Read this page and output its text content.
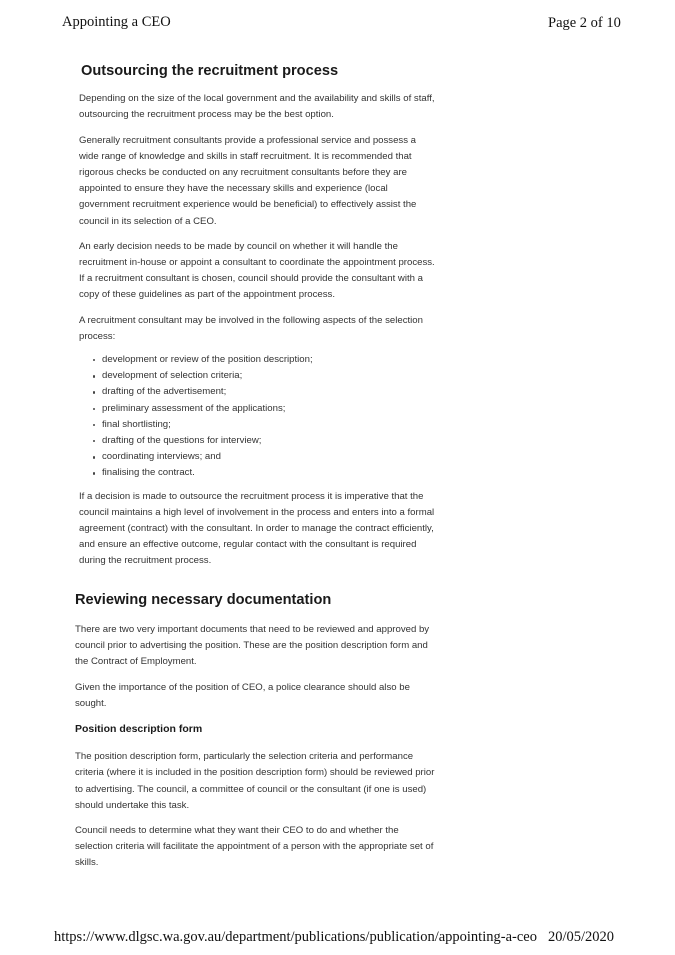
Appointing a CEO	Page 2 of 10
Outsourcing the recruitment process

Depending on the size of the local government and the availability and skills of staff, outsourcing the recruitment process may be the best option.

Generally recruitment consultants provide a professional service and possess a wide range of knowledge and skills in staff recruitment. It is recommended that rigorous checks be conducted on any recruitment consultants before they are appointed to ensure they have the necessary skills and experience (local government recruitment experience would be beneficial) to effectively assist the council in its selection of a CEO.

An early decision needs to be made by council on whether it will handle the recruitment in-house or appoint a consultant to coordinate the appointment process. If a recruitment consultant is chosen, council should provide the consultant with a copy of these guidelines as part of the appointment process.

A recruitment consultant may be involved in the following aspects of the selection process:

development or review of the position description;
development of selection criteria;
drafting of the advertisement;
preliminary assessment of the applications;
final shortlisting;
drafting of the questions for interview;
coordinating interviews; and
finalising the contract.

If a decision is made to outsource the recruitment process it is imperative that the council maintains a high level of involvement in the process and enters into a formal agreement (contract) with the consultant. In order to manage the contract efficiently, and ensure an effective outcome, regular contact with the consultant is required during the recruitment process.

Reviewing necessary documentation

There are two very important documents that need to be reviewed and approved by council prior to advertising the position. These are the position description form and the Contract of Employment.

Given the importance of the position of CEO, a police clearance should also be sought.

Position description form

The position description form, particularly the selection criteria and performance criteria (where it is included in the position description form) should be reviewed prior to advertising. The council, a committee of council or the consultant (if one is used) should undertake this task.

Council needs to determine what they want their CEO to do and whether the selection criteria will facilitate the appointment of a person with the appropriate set of skills.

https://www.dlgsc.wa.gov.au/department/publications/publication/appointing-a-ceo 20/05/2020
